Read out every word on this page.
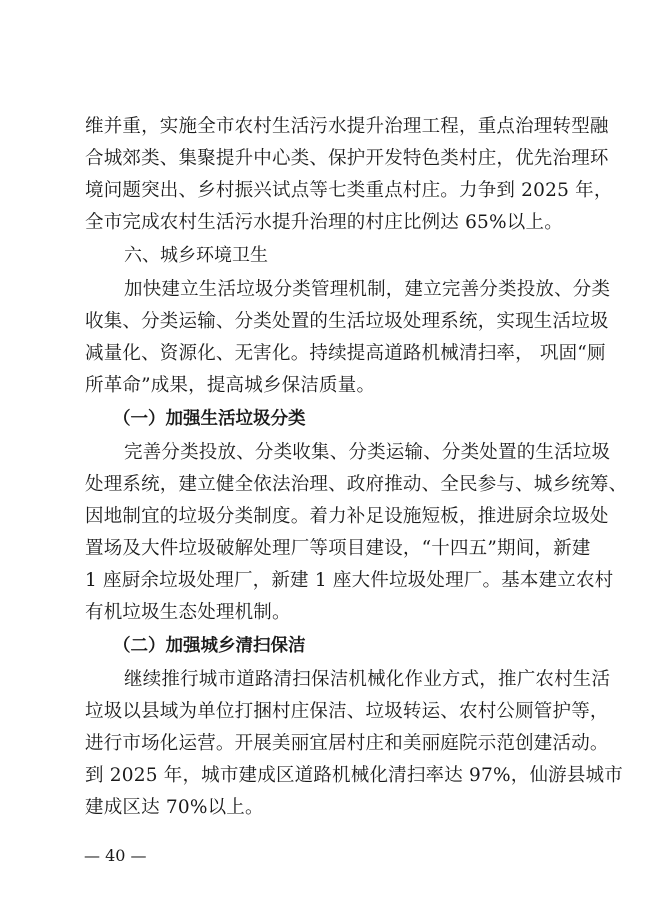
维并重，实施全市农村生活污水提升治理工程，重点治理转型融
合城郊类、集聚提升中心类、保护开发特色类村庄，优先治理环
境问题突出、乡村振兴试点等七类重点村庄。力争到 2025 年，
全市完成农村生活污水提升治理的村庄比例达 65%以上。
六、城乡环境卫生
加快建立生活垃圾分类管理机制，建立完善分类投放、分类
收集、分类运输、分类处置的生活垃圾处理系统，实现生活垃圾
减量化、资源化、无害化。持续提高道路机械清扫率， 巩固“厕
所革命”成果，提高城乡保洁质量。
（一）加强生活垃圾分类
完善分类投放、分类收集、分类运输、分类处置的生活垃圾
处理系统，建立健全依法治理、政府推动、全民参与、城乡统筹、
因地制宜的垃圾分类制度。着力补足设施短板，推进厨余垃圾处
置场及大件垃圾破解处理厂等项目建设，“十四五”期间，新建
1 座厨余垃圾处理厂，新建 1 座大件垃圾处理厂。基本建立农村
有机垃圾生态处理机制。
（二）加强城乡清扫保洁
继续推行城市道路清扫保洁机械化作业方式，推广农村生活
垃圾以县域为单位打捆村庄保洁、垃圾转运、农村公厕管护等，
进行市场化运营。开展美丽宜居村庄和美丽庭院示范创建活动。
到 2025 年，城市建成区道路机械化清扫率达 97%，仙游县城市
建成区达 70%以上。
— 40 —
